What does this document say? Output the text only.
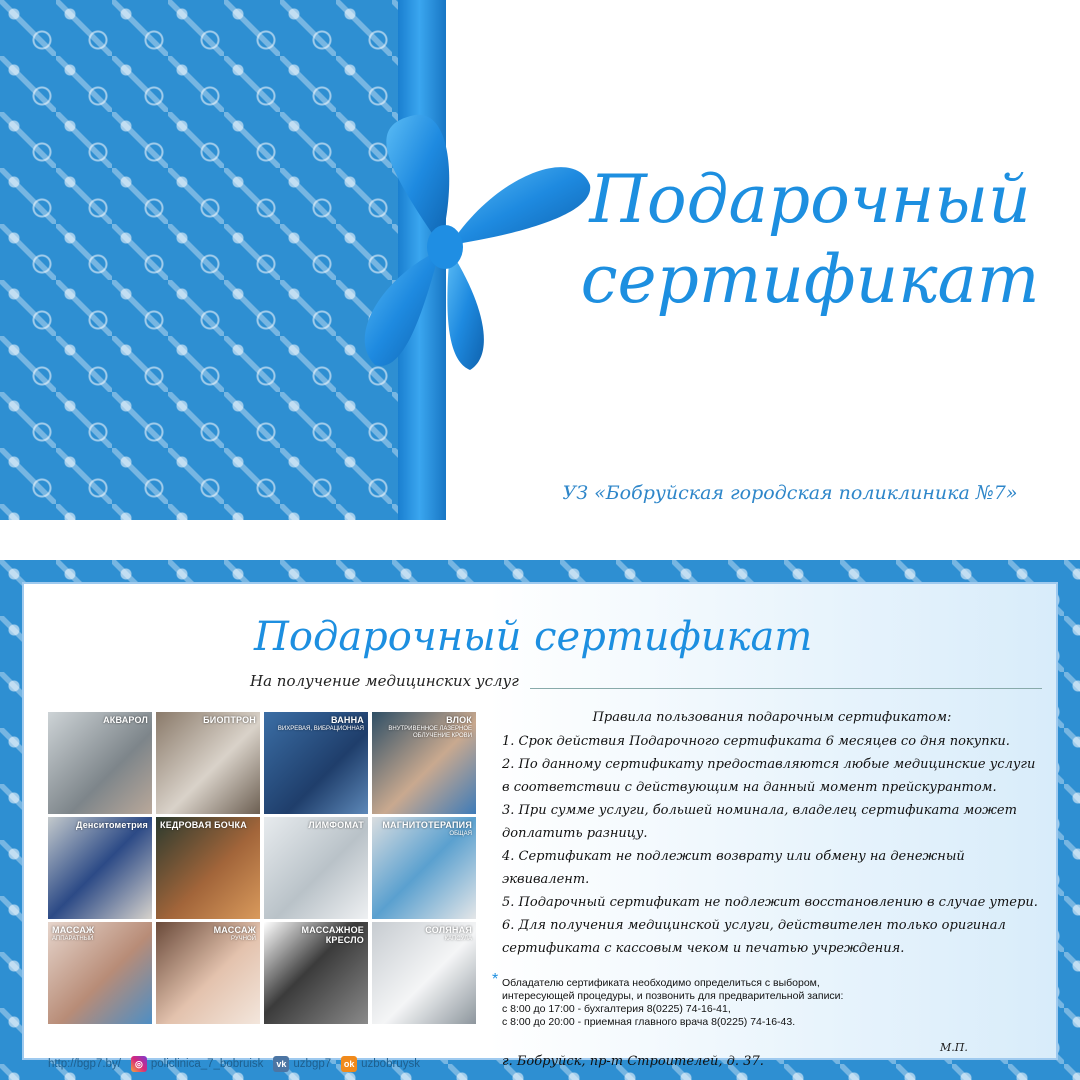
Подарочный
сертификат
УЗ «Бобруйская городская поликлиника №7»
Подарочный сертификат
На получение медицинских услуг
АКВАРОЛ	БИОПТРОН	ВАННА
ВИХРЕВАЯ, ВИБРАЦИОННАЯ
ВЛОК
ВНУТРИВЕННОЕ ЛАЗЕРНОЕ ОБЛУЧЕНИЕ КРОВИ
Денситометрия КЕДРОВАЯ БОЧКА	ЛИМФОМАТ	МАГНИТОТЕРАПИЯ
ОБЩАЯ
МАССАЖ
АППАРАТНЫЙ
МАССАЖ
РУЧНОЙ
МАССАЖНОЕ КРЕСЛО
СОЛЯНАЯ
КАПСУЛА
Правила пользования подарочным сертификатом:
1. Срок действия Подарочного сертификата 6 месяцев со дня покупки.
2. По данному сертификату предоставляются любые медицинские услуги
в соответствии с действующим на данный момент прейскурантом.
3. При сумме услуги, большей номинала, владелец сертификата может
доплатить разницу.
4. Сертификат не подлежит возврату или обмену на денежный
эквивалент.
5. Подарочный сертификат не подлежит восстановлению в случае утери.
6. Для получения медицинской услуги, действителен только оригинал
сертификата с кассовым чеком и печатью учреждения.
* Обладателю сертификата необходимо определиться с выбором,
интересующей процедуры, и позвонить для предварительной записи:
с 8:00 до 17:00 - бухгалтерия 8(0225) 74-16-41,
с 8:00 до 20:00 - приемная главного врача 8(0225) 74-16-43.
М.П.
г. Бобруйск, пр-т Строителей, д. 37.
http://bgp7.by/	◎ policlinica_7_bobruisk	vk uzbgp7	ok uzbobruysk
